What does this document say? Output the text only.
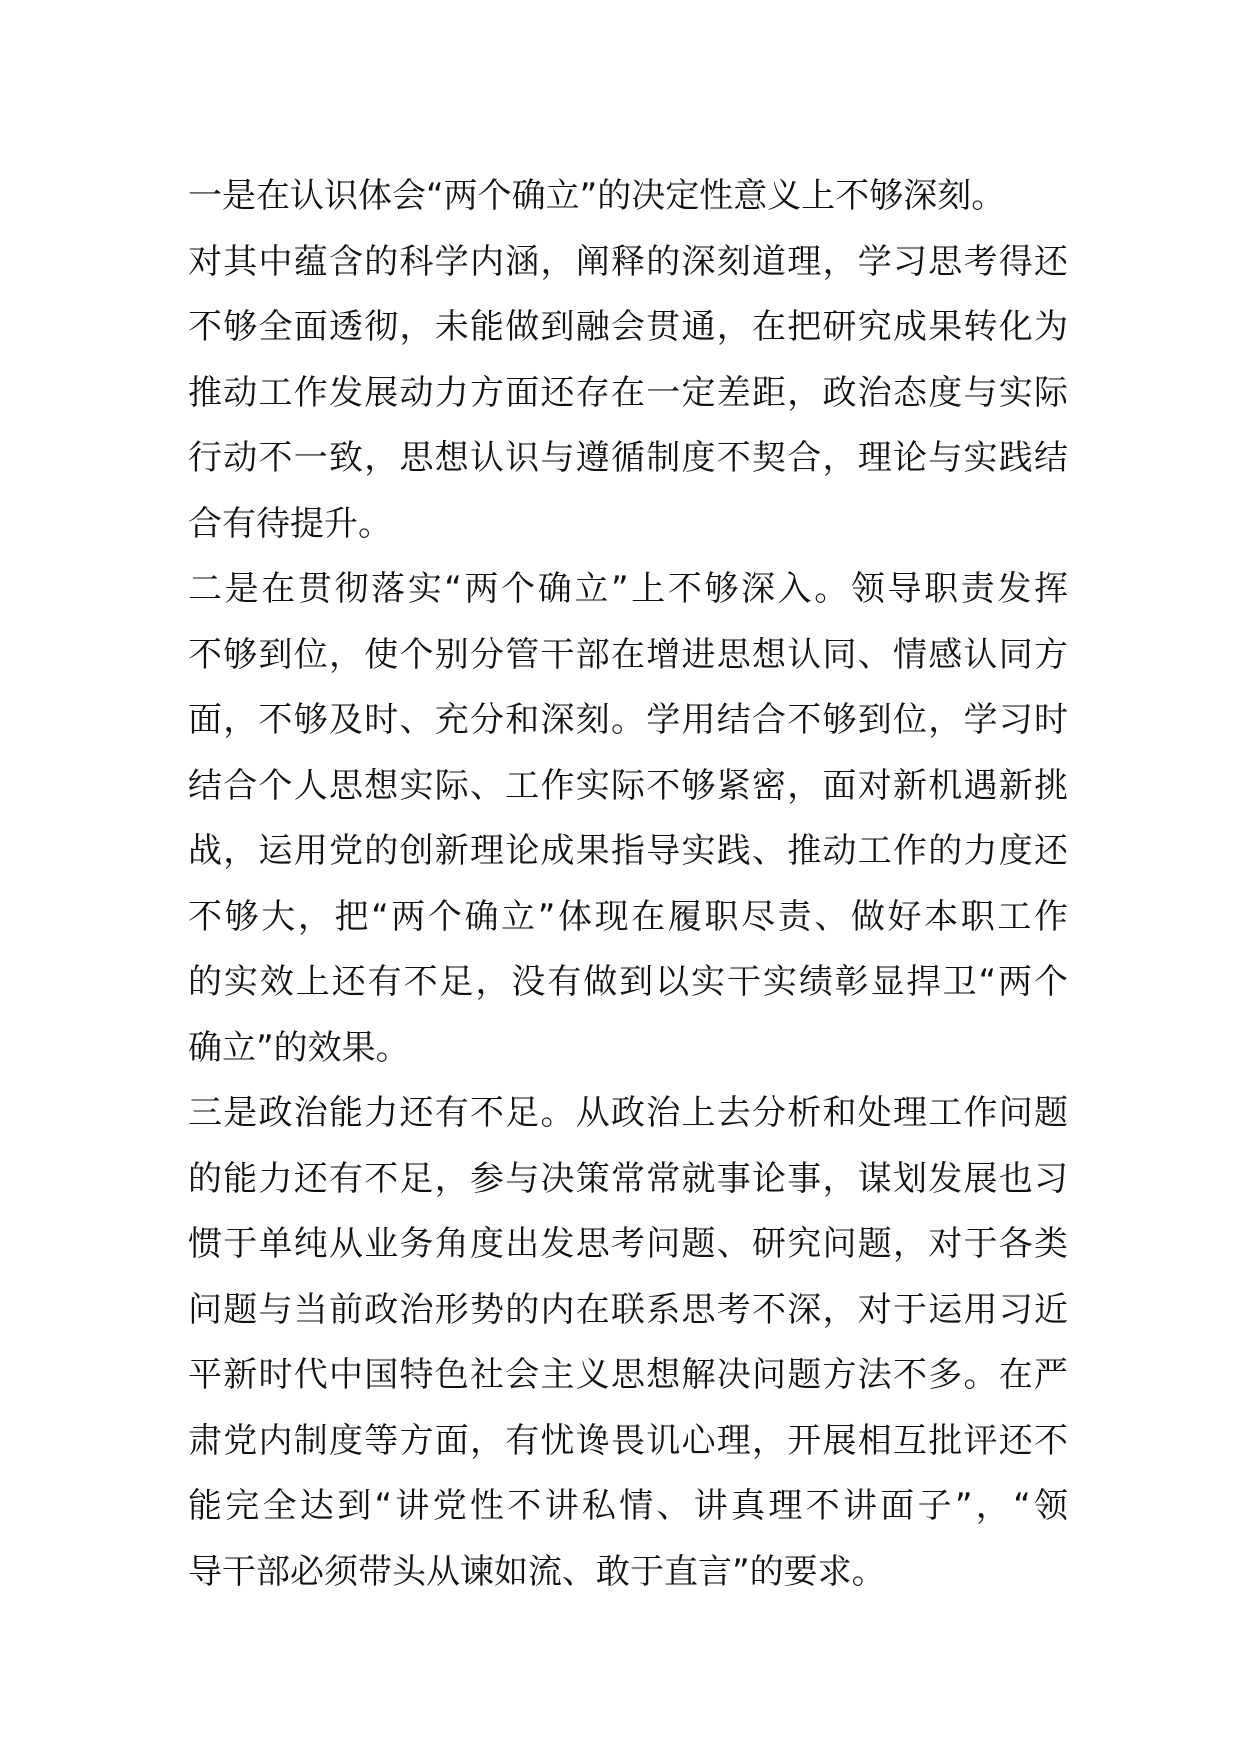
一是在认识体会“两个确立”的决定性意义上不够深刻。
对其中蕴含的科学内涵，阐释的深刻道理，学习思考得还
不够全面透彻，未能做到融会贯通，在把研究成果转化为
推动工作发展动力方面还存在一定差距，政治态度与实际
行动不一致，思想认识与遵循制度不契合，理论与实践结
合有待提升。
二是在贯彻落实“两个确立”上不够深入。领导职责发挥
不够到位，使个别分管干部在增进思想认同、情感认同方
面，不够及时、充分和深刻。学用结合不够到位，学习时
结合个人思想实际、工作实际不够紧密，面对新机遇新挑
战，运用党的创新理论成果指导实践、推动工作的力度还
不够大，把“两个确立”体现在履职尽责、做好本职工作
的实效上还有不足，没有做到以实干实绩彰显捍卫“两个
确立”的效果。
三是政治能力还有不足。从政治上去分析和处理工作问题
的能力还有不足，参与决策常常就事论事，谋划发展也习
惯于单纯从业务角度出发思考问题、研究问题，对于各类
问题与当前政治形势的内在联系思考不深，对于运用习近
平新时代中国特色社会主义思想解决问题方法不多。在严
肃党内制度等方面，有忧谗畏讥心理，开展相互批评还不
能完全达到“讲党性不讲私情、讲真理不讲面子”，“领
导干部必须带头从谏如流、敢于直言”的要求。
